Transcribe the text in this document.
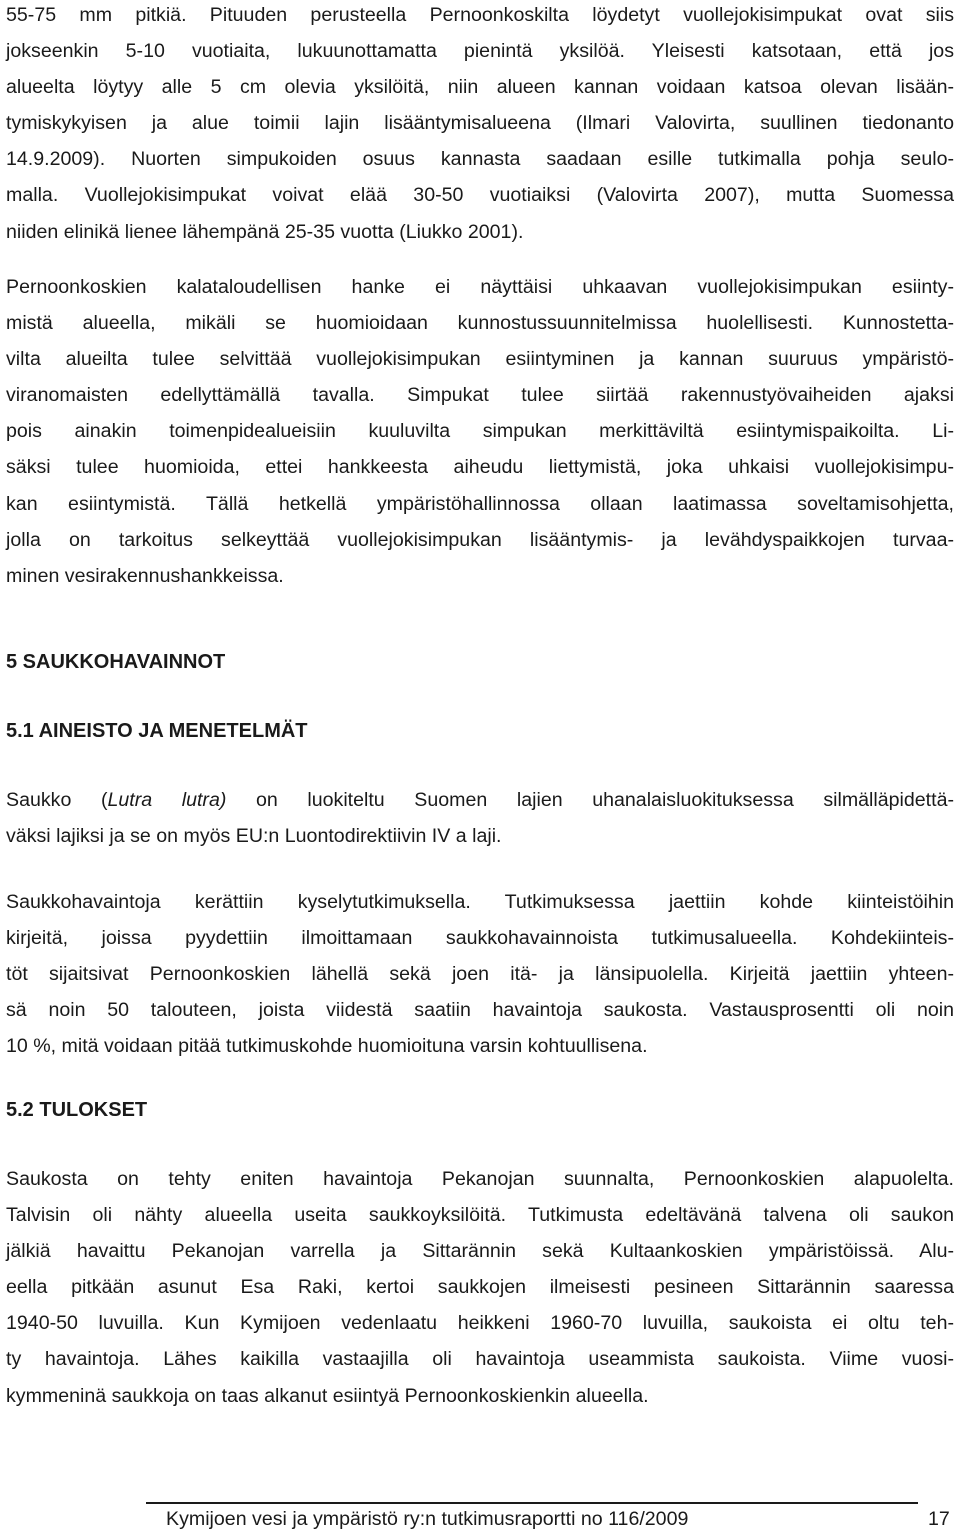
55-75 mm pitkiä. Pituuden perusteella Pernoonkoskilta löydetyt vuollejokisimpukat ovat siis
jokseenkin 5-10 vuotiaita, lukuunottamatta pienintä yksilöä. Yleisesti katsotaan, että jos
alueelta löytyy alle 5 cm olevia yksilöitä, niin alueen kannan voidaan katsoa olevan lisään-
tymiskykyisen ja alue toimii lajin lisääntymisalueena (Ilmari Valovirta, suullinen tiedonanto
14.9.2009). Nuorten simpukoiden osuus kannasta saadaan esille tutkimalla pohja seulo-
malla. Vuollejokisimpukat voivat elää 30-50 vuotiaiksi (Valovirta 2007), mutta Suomessa
niiden elinikä lienee lähempänä 25-35 vuotta (Liukko 2001).
Pernoonkoskien kalataloudellisen hanke ei näyttäisi uhkaavan vuollejokisimpukan esiinty-
mistä alueella, mikäli se huomioidaan kunnostussuunnitelmissa huolellisesti. Kunnostetta-
vilta alueilta tulee selvittää vuollejokisimpukan esiintyminen ja kannan suuruus ympäristö-
viranomaisten edellyttämällä tavalla. Simpukat tulee siirtää rakennustyövaiheiden ajaksi
pois ainakin toimenpidealueisiin kuuluvilta simpukan merkittäviltä esiintymispaikoilta. Li-
säksi tulee huomioida, ettei hankkeesta aiheudu liettymistä, joka uhkaisi vuollejokisimpu-
kan esiintymistä. Tällä hetkellä ympäristöhallinnossa ollaan laatimassa soveltamisohjetta,
jolla on tarkoitus selkeyttää vuollejokisimpukan lisääntymis- ja levähdyspaikkojen turvaa-
minen vesirakennushankkeissa.
5 SAUKKOHAVAINNOT
5.1 AINEISTO JA MENETELMÄT
Saukko (Lutra lutra) on luokiteltu Suomen lajien uhanalaisluokituksessa silmälläpidettä-
väksi lajiksi ja se on myös EU:n Luontodirektiivin IV a laji.
Saukkohavaintoja kerättiin kyselytutkimuksella. Tutkimuksessa jaettiin kohde kiinteistöihin
kirjeitä, joissa pyydettiin ilmoittamaan saukkohavainnoista tutkimusalueella. Kohdekiinteis-
töt sijaitsivat Pernoonkoskien lähellä sekä joen itä- ja länsipuolella. Kirjeitä jaettiin yhteen-
sä noin 50 talouteen, joista viidestä saatiin havaintoja saukosta. Vastausprosentti oli noin
10 %, mitä voidaan pitää tutkimuskohde huomioituna varsin kohtuullisena.
5.2 TULOKSET
Saukosta on tehty eniten havaintoja Pekanojan suunnalta, Pernoonkoskien alapuolelta.
Talvisin oli nähty alueella useita saukkoyksilöitä. Tutkimusta edeltävänä talvena oli saukon
jälkiä havaittu Pekanojan varrella ja Sittarännin sekä Kultaankoskien ympäristöissä. Alu-
eella pitkään asunut Esa Raki, kertoi saukkojen ilmeisesti pesineen Sittarännin saaressa
1940-50 luvuilla. Kun Kymijoen vedenlaatu heikkeni 1960-70 luvuilla, saukoista ei oltu teh-
ty havaintoja. Lähes kaikilla vastaajilla oli havaintoja useammista saukoista. Viime vuosi-
kymmeninä saukkoja on taas alkanut esiintyä Pernoonkoskienkin alueella.
Kymijoen vesi ja ympäristö ry:n tutkimusraportti no 116/2009	17
